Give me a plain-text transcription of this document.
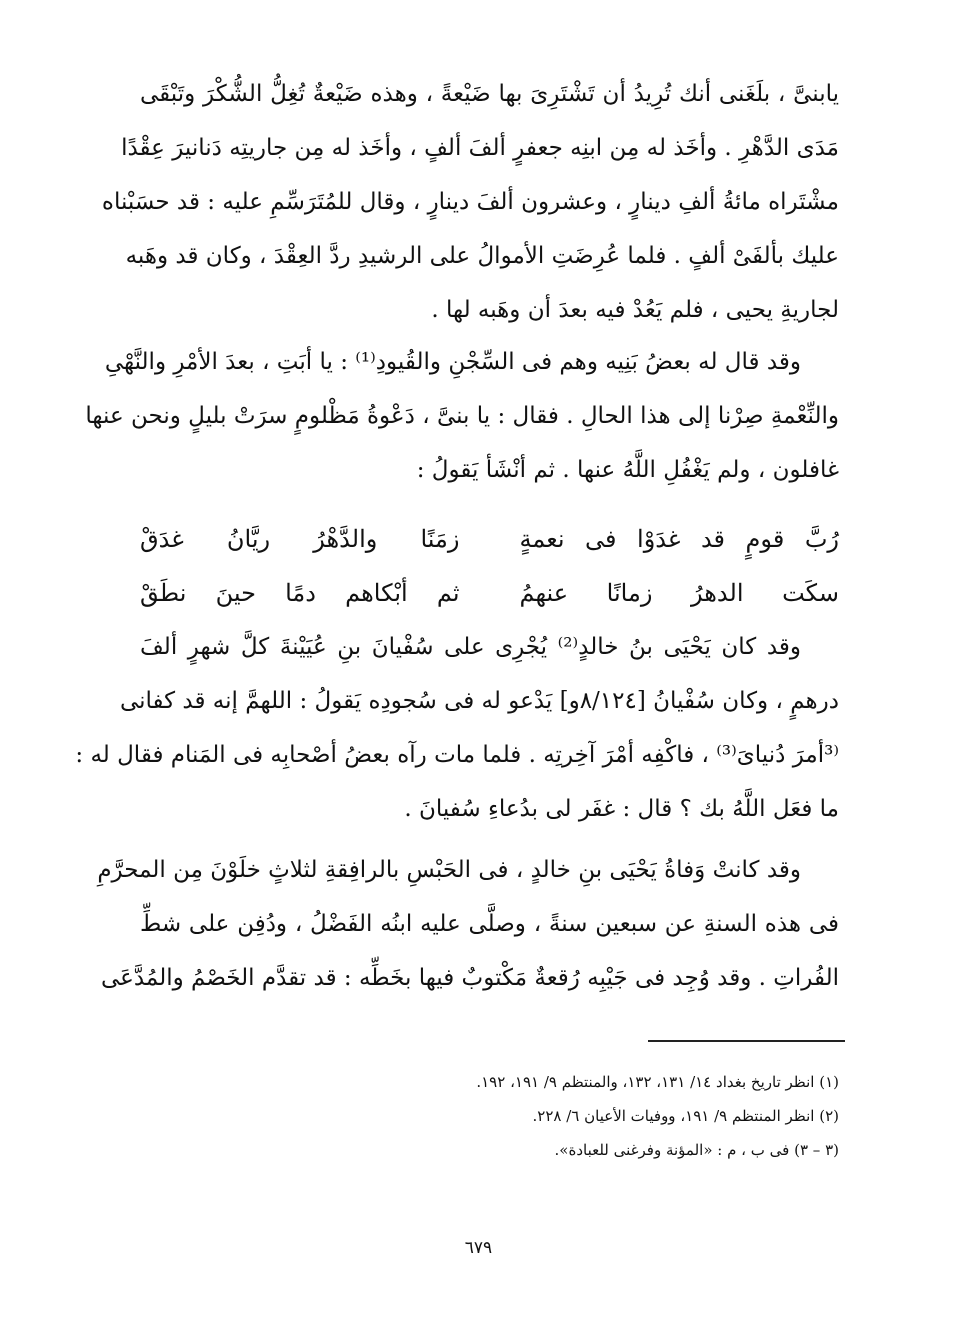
يابنىَّ ، بلَغَنى أنك تُرِيدُ أن تَشْتَرِىَ بها ضَيْعةً ، وهذه ضَيْعةٌ تُغِلُّ الشُّكْرَ وتَبْقَى
مَدَى الدَّهْرِ . وأخَذ له مِن ابنِه جعفرٍ ألفَ ألفٍ ، وأخَذ له مِن جاريتِه دَنانيرَ عِقْدًا
مشْتَراه مائةُ ألفِ دينارٍ ، وعشرون ألفَ دينارٍ ، وقال للمُتَرَسِّمِ عليه : قد حسَبْناه
عليك بألفَىْ ألفٍ . فلما عُرِضَتِ الأموالُ على الرشيدِ ردَّ العِقْدَ ، وكان قد وهَبه
لجاريةِ يحيى ، فلم يَعُدْ فيه بعدَ أن وهَبه لها .
وقد قال له بعضُ بَنِيه وهم فى السِّجْنِ والقُيودِ⁽¹⁾ : يا أبَتِ ، بعدَ الأمْرِ والنَّهْىِ
والنِّعْمةِ صِرْنا إلى هذا الحالِ . فقال : يا بنىَّ ، دَعْوةُ مَظْلومٍ سرَتْ بليلٍ ونحن عنها
غافلون ، ولم يَغْفُلِ اللَّهُ عنها . ثم أنْشَأ يَقولُ :
رُبَّ قومٍ قد غدَوْا فى نعمةٍ
زمَنًا والدَّهْرُ ريَّانُ غدَقْ
سكَت الدهرُ زمانًا عنهمُ
ثم أبْكاهم دمًا حينَ نطَقْ
وقد كان يَحْيَى بنُ خالدٍ⁽²⁾ يُجْرِى على سُفْيانَ بنِ عُيَيْنةَ كلَّ شهرٍ ألفَ
درهمٍ ، وكان سُفْيانُ [٨/١٢٤و] يَدْعو له فى سُجودِه يَقولُ : اللهمَّ إنه قد كفانى
⁽³أمرَ دُنيایَ⁽³⁾ ، فاكْفِه أمْرَ آخِرتِه . فلما مات رآه بعضُ أصْحابِه فى المَنام فقال له :
ما فعَل اللَّهُ بك ؟ قال : غفَر لى بدُعاءِ سُفيانَ .
وقد كانتْ وَفاةُ يَحْيَى بنِ خالدٍ ، فى الحَبْسِ بالرافِقةِ لثلاثٍ خلَوْنَ مِن المحرَّمِ
فى هذه السنةِ عن سبعين سنةً ، وصلَّى عليه ابنُه الفَضْلُ ، ودُفِن على شطِّ
الفُراتِ . وقد وُجِد فى جَيْبِه رُقعةٌ مَكْتوبٌ فيها بخَطِّه : قد تقدَّم الخَصْمُ والمُدَّعَى
(١) انظر تاريخ بغداد ١٤/ ١٣١، ١٣٢، والمنتظم ٩/ ١٩١، ١٩٢.
(٢) انظر المنتظم ٩/ ١٩١، ووفيات الأعيان ٦/ ٢٢٨.
(٣ – ٣) فى ب ، م : «المؤنة وفرغنى للعبادة».
٦٧٩
